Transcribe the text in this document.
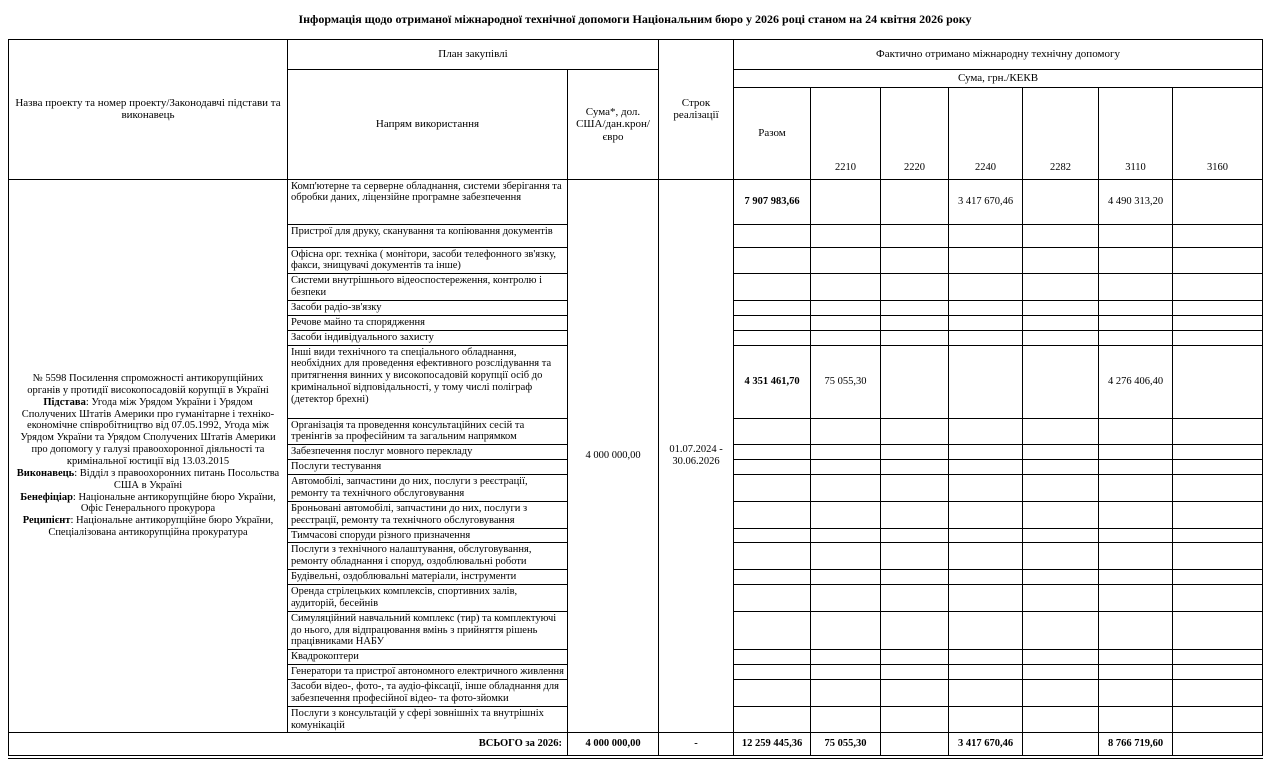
Інформація щодо отриманої міжнародної технічної допомоги Національним бюро у 2026 році станом на 24 квітня 2026 року
Назва проекту та номер проекту/Законодавчі підстави та виконавець	План закупівлі		Строк реалізації	Фактично отримано міжнародну технічну допомогу						
	Напрям використання	Сума*, дол. США/дан.крон/євро		Сума, грн./КЕКВ						
				Разом	2210	2220	2240	2282	3110	3160

№ 5598 Посилення спроможності антикорупційних органів у протидії високопосадовій корупції в Україні
Підстава: Угода між Урядом України і Урядом Сполучених Штатів Америки про гуманітарне і техніко-економічне співробітництво від 07.05.1992, Угода між Урядом України та Урядом Сполучених Штатів Америки про допомогу у галузі правоохоронної діяльності та кримінальної юстиції від 13.03.2015
Виконавець: Відділ з правоохоронних питань Посольства США в Україні
Бенефіціар: Національне антикорупційне бюро України, Офіс Генерального прокурора
Реципієнт: Національне антикорупційне бюро України, Спеціалізована антикорупційна прокуратура	Комп'ютерне та серверне обладнання, системи зберігання та обробки даних, ліцензійне програмне забезпечення	4 000 000,00	01.07.2024 - 30.06.2026	7 907 983,66			3 417 670,46		4 490 313,20	
	Пристрої для друку, сканування та копіювання документів									
	Офісна орг. техніка ( монітори, засоби телефонного зв'язку, факси, знищувачі документів та інше)									
	Системи внутрішнього відеоспостереження, контролю і безпеки									
	Засоби радіо-зв'язку									
	Речове майно та спорядження									
	Засоби індивідуального захисту									
	Інші види технічного та спеціального обладнання, необхідних для проведення ефективного розслідування та притягнення винних у високопосадовій корупції осіб до кримінальної відповідальності, у тому числі поліграф (детектор брехні)			4 351 461,70	75 055,30				4 276 406,40	
	Організація та проведення консультаційних сесій та тренінгів за професійним та загальним напрямком									
	Забезпечення послуг мовного перекладу									
	Послуги тестування									
	Автомобілі, запчастини до них, послуги з реєстрації, ремонту та технічного обслуговування									
	Броньовані автомобілі, запчастини до них, послуги з реєстрації, ремонту та технічного обслуговування									
	Тимчасові споруди різного призначення									
	Послуги з технічного налаштування, обслуговування, ремонту обладнання і споруд, оздоблювальні роботи									
	Будівельні, оздоблювальні матеріали, інструменти									
	Оренда стрілецьких комплексів, спортивних залів, аудиторій, бесейнів									
	Симуляційний навчальний комплекс (тир) та комплектуючі до нього, для відпрацювання вмінь з прийняття рішень працівниками НАБУ									
	Квадрокоптери									
	Генератори та пристрої автономного електричного живлення									
	Засоби відео-, фото-, та аудіо-фіксації, інше обладнання для забезпечення професійної відео- та фото-зйомки									
	Послуги з консультацій у сфері зовнішніх та внутрішніх комунікацій									
ВСЬОГО за 2026:		4 000 000,00	-	12 259 445,36	75 055,30		3 417 670,46		8 766 719,60	
